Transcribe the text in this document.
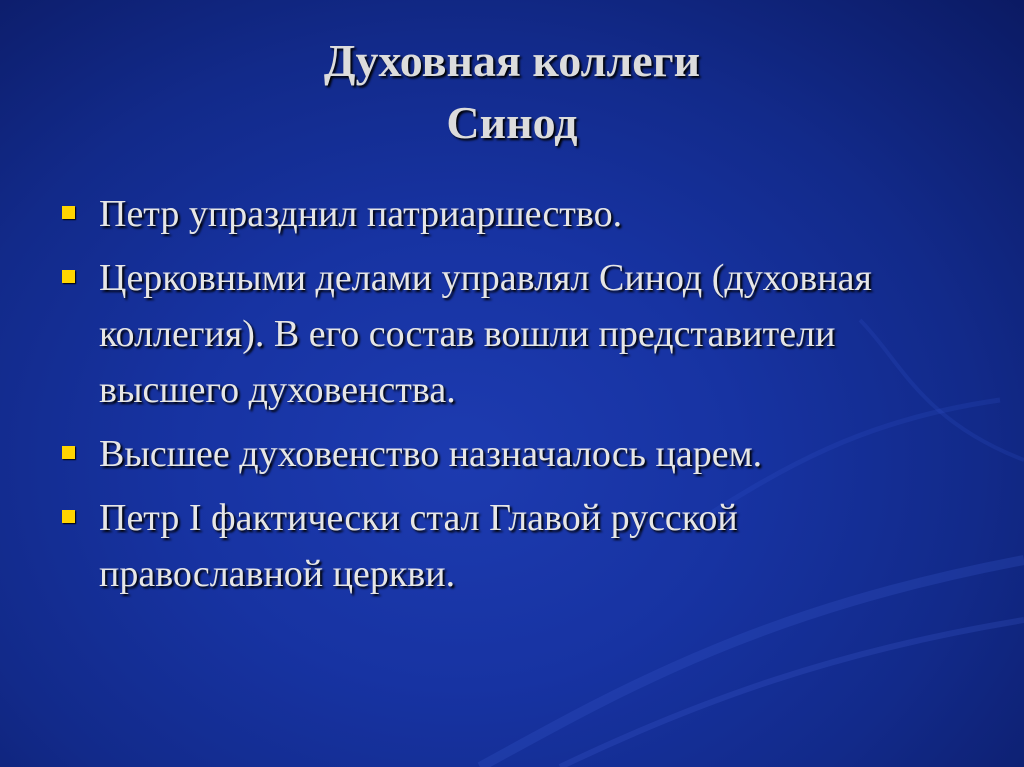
Духовная коллеги
Синод
Петр упразднил патриаршество.
Церковными делами управлял Синод (духовная коллегия). В его состав вошли представители высшего духовенства.
Высшее духовенство назначалось царем.
Петр I фактически стал Главой русской православной церкви.
